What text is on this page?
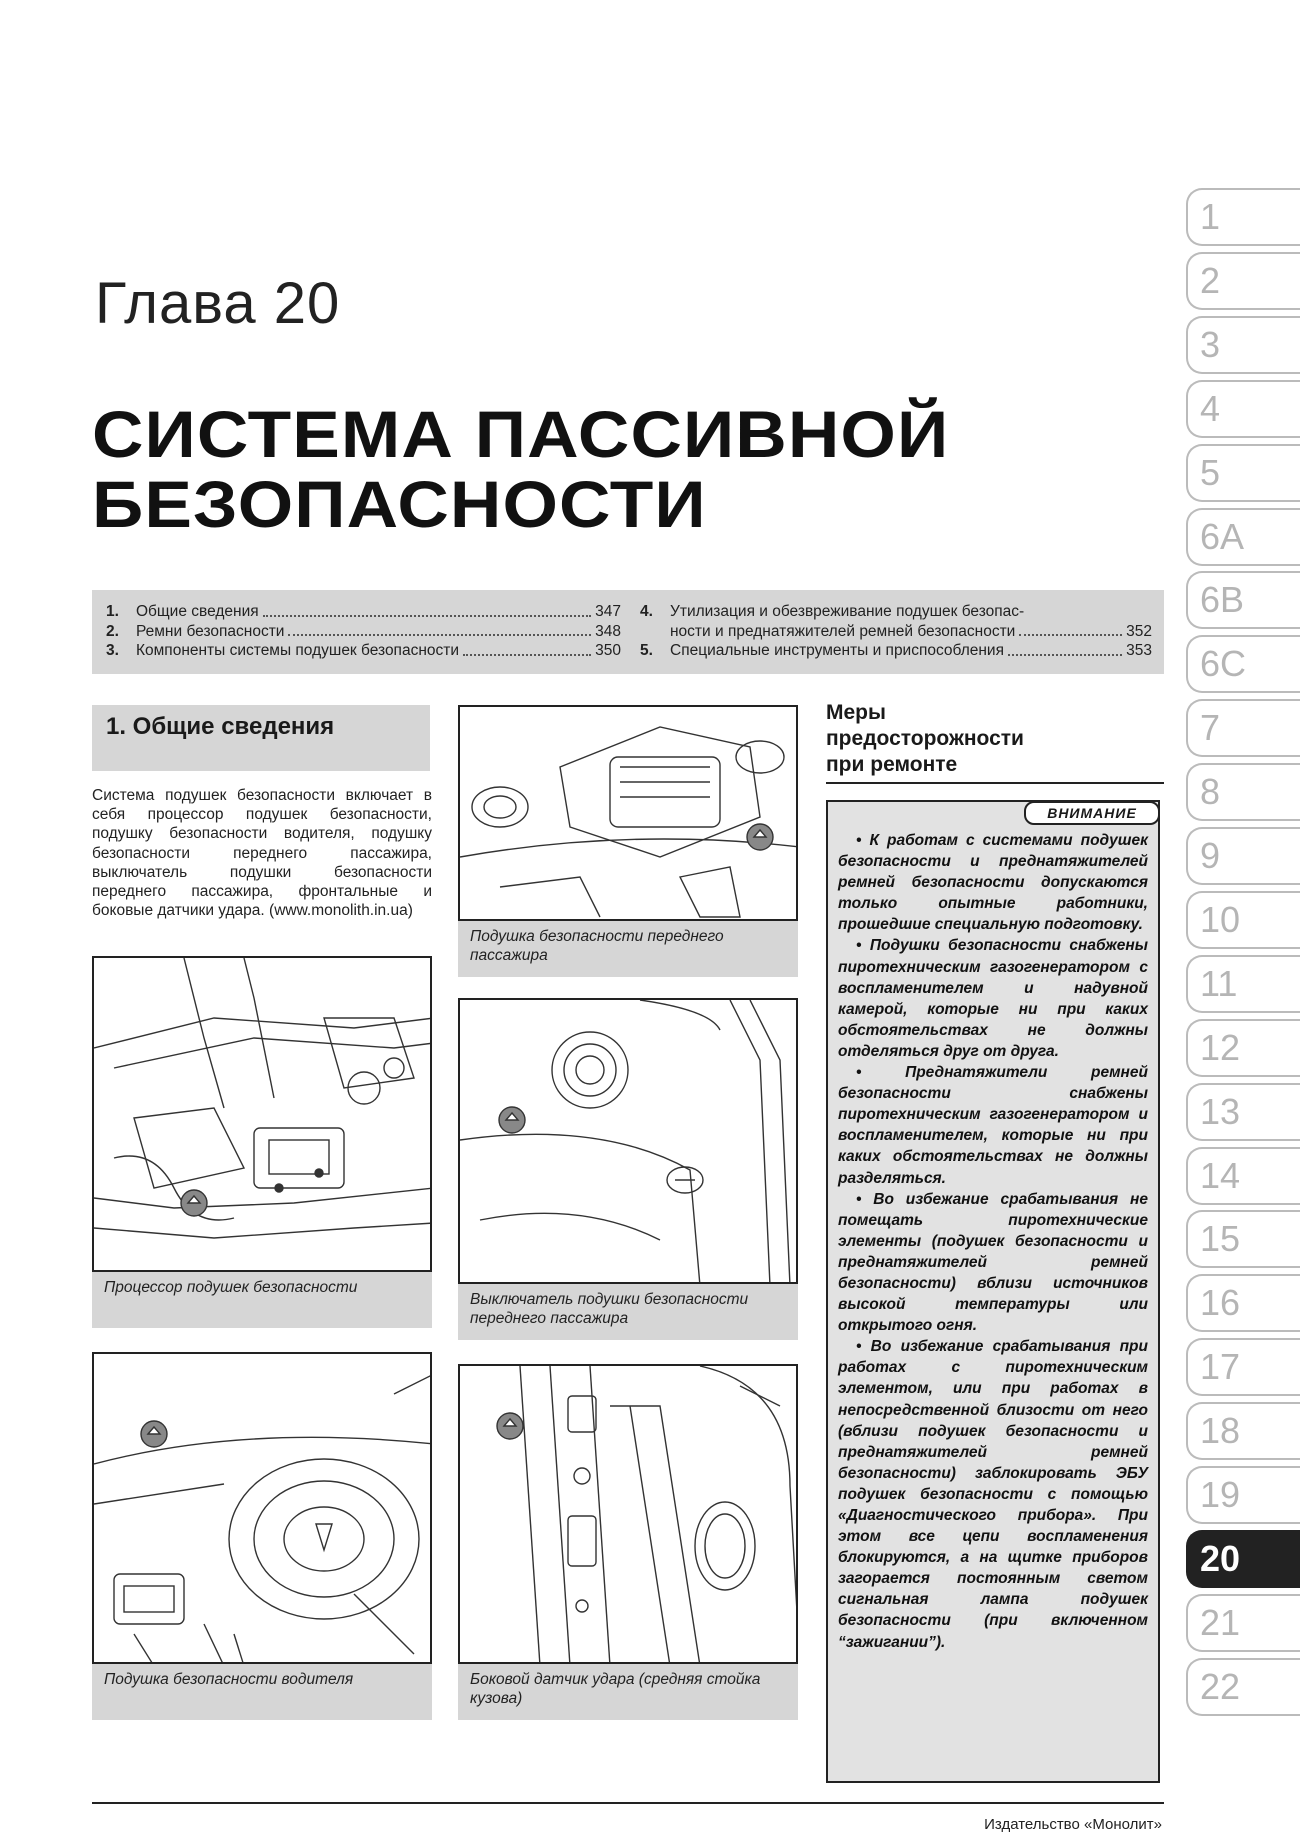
Глава 20
СИСТЕМА ПАССИВНОЙ
БЕЗОПАСНОСТИ
1.	Общие сведения	347
2.	Ремни безопасности	348
3.	Компоненты системы подушек безопасности	350
4.	Утилизация и обезвреживание подушек безопас-
ности и преднатяжителей ремней безопасности	352
5.	Специальные инструменты и приспособления	353
1. Общие сведения
Система подушек безопасности включает в себя процессор подушек безопасности, подушку безопасности водителя, подушку безопасности переднего пассажира, выключатель подушки безопасности переднего пассажира, фронтальные и боковые датчики удара. (www.monolith.in.ua)
Процессор подушек безопасности
Подушка безопасности водителя
Подушка безопасности переднего пассажира
Выключатель подушки безопасности переднего пассажира
Боковой датчик удара (средняя стойка кузова)
Меры
предосторожности
при ремонте

• К работам с системами подушек безопасности и преднатяжителей ремней безопасности допускаются только опытные работники, прошедшие специальную подготовку.

• Подушки безопасности снабжены пиротехническим газогенератором с воспламенителем и надувной камерой, которые ни при каких обстоятельствах не должны отделяться друг от друга.

• Преднатяжители ремней безопасности снабжены пиротехническим газогенератором и воспламенителем, которые ни при каких обстоятельствах не должны разделяться.

• Во избежание срабатывания не помещать пиротехнические элементы (подушек безопасности и преднатяжителей ремней безопасности) вблизи источников высокой температуры или открытого огня.

• Во избежание срабатывания при работах с пиротехническим элементом, или при работах в непосредственной близости от него (вблизи подушек безопасности и преднатяжителей ремней безопасности) заблокировать ЭБУ подушек безопасности с помощью «Диагностического прибора». При этом все цепи воспламенения блокируются, а на щитке приборов загорается постоянным светом сигнальная лампа подушек безопасности (при включенном “зажигании”).

ВНИМАНИЕ
Издательство «Монолит»
1
2
3
4
5
6A
6B
6C
7
8
9
10
11
12
13
14
15
16
17
18
19
20
21
22
